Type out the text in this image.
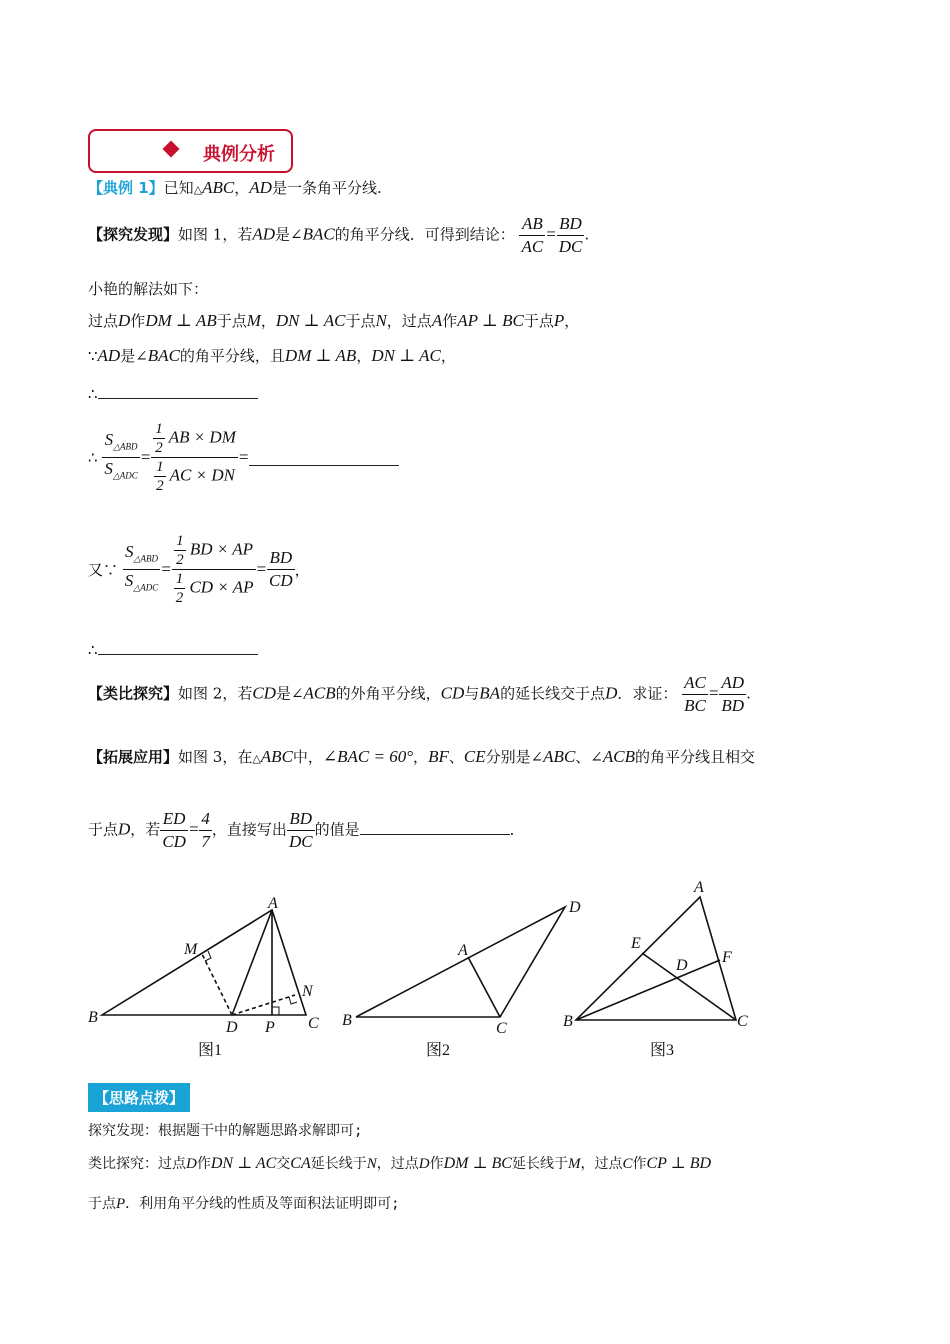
典例分析
【典例 1】已知△ABC，AD是一条角平分线.
【探究发现】如图 1，若AD是∠BAC的角平分线．可得到结论： $\frac{AB}{AC} = \frac{BD}{DC}$ .
小艳的解法如下：
过点D作DM ⊥ AB于点M，DN ⊥ AC于点N，过点A作AP ⊥ BC于点P，
∵AD是∠BAC的角平分线，且DM ⊥ AB，DN ⊥ AC，
∴
∴ $\frac{S_{\triangle ABD}}{S_{\triangle ADC}} = \frac{\frac{1}{2} AB \times DM}{\frac{1}{2} AC \times DN}$ =
又∵ $\frac{S_{\triangle ABD}}{S_{\triangle ADC}} = \frac{\frac{1}{2} BD \times AP}{\frac{1}{2} CD \times AP} = \frac{BD}{CD}$ ，
∴
【类比探究】如图 2，若CD是∠ACB的外角平分线，CD与BA的延长线交于点D．求证： $\frac{AC}{BC} = \frac{AD}{BD}$ .
【拓展应用】如图 3，在△ABC中，∠BAC = 60°，BF、CE分别是∠ABC、∠ACB的角平分线且相交
于点D，若 $\frac{ED}{CD} = \frac{4}{7}$ ，直接写出 $\frac{BD}{DC}$ 的值是	．
A
M
N
B
D P C
A
D
B	C
A
E
F
D
B	C
图1	图2	图3
【思路点拨】
探究发现：根据题干中的解题思路求解即可;
类比探究：过点D作DN ⊥ AC交CA延长线于N，过点D作DM ⊥ BC延长线于M，过点C作CP ⊥ BD
于点P．利用角平分线的性质及等面积法证明即可;
